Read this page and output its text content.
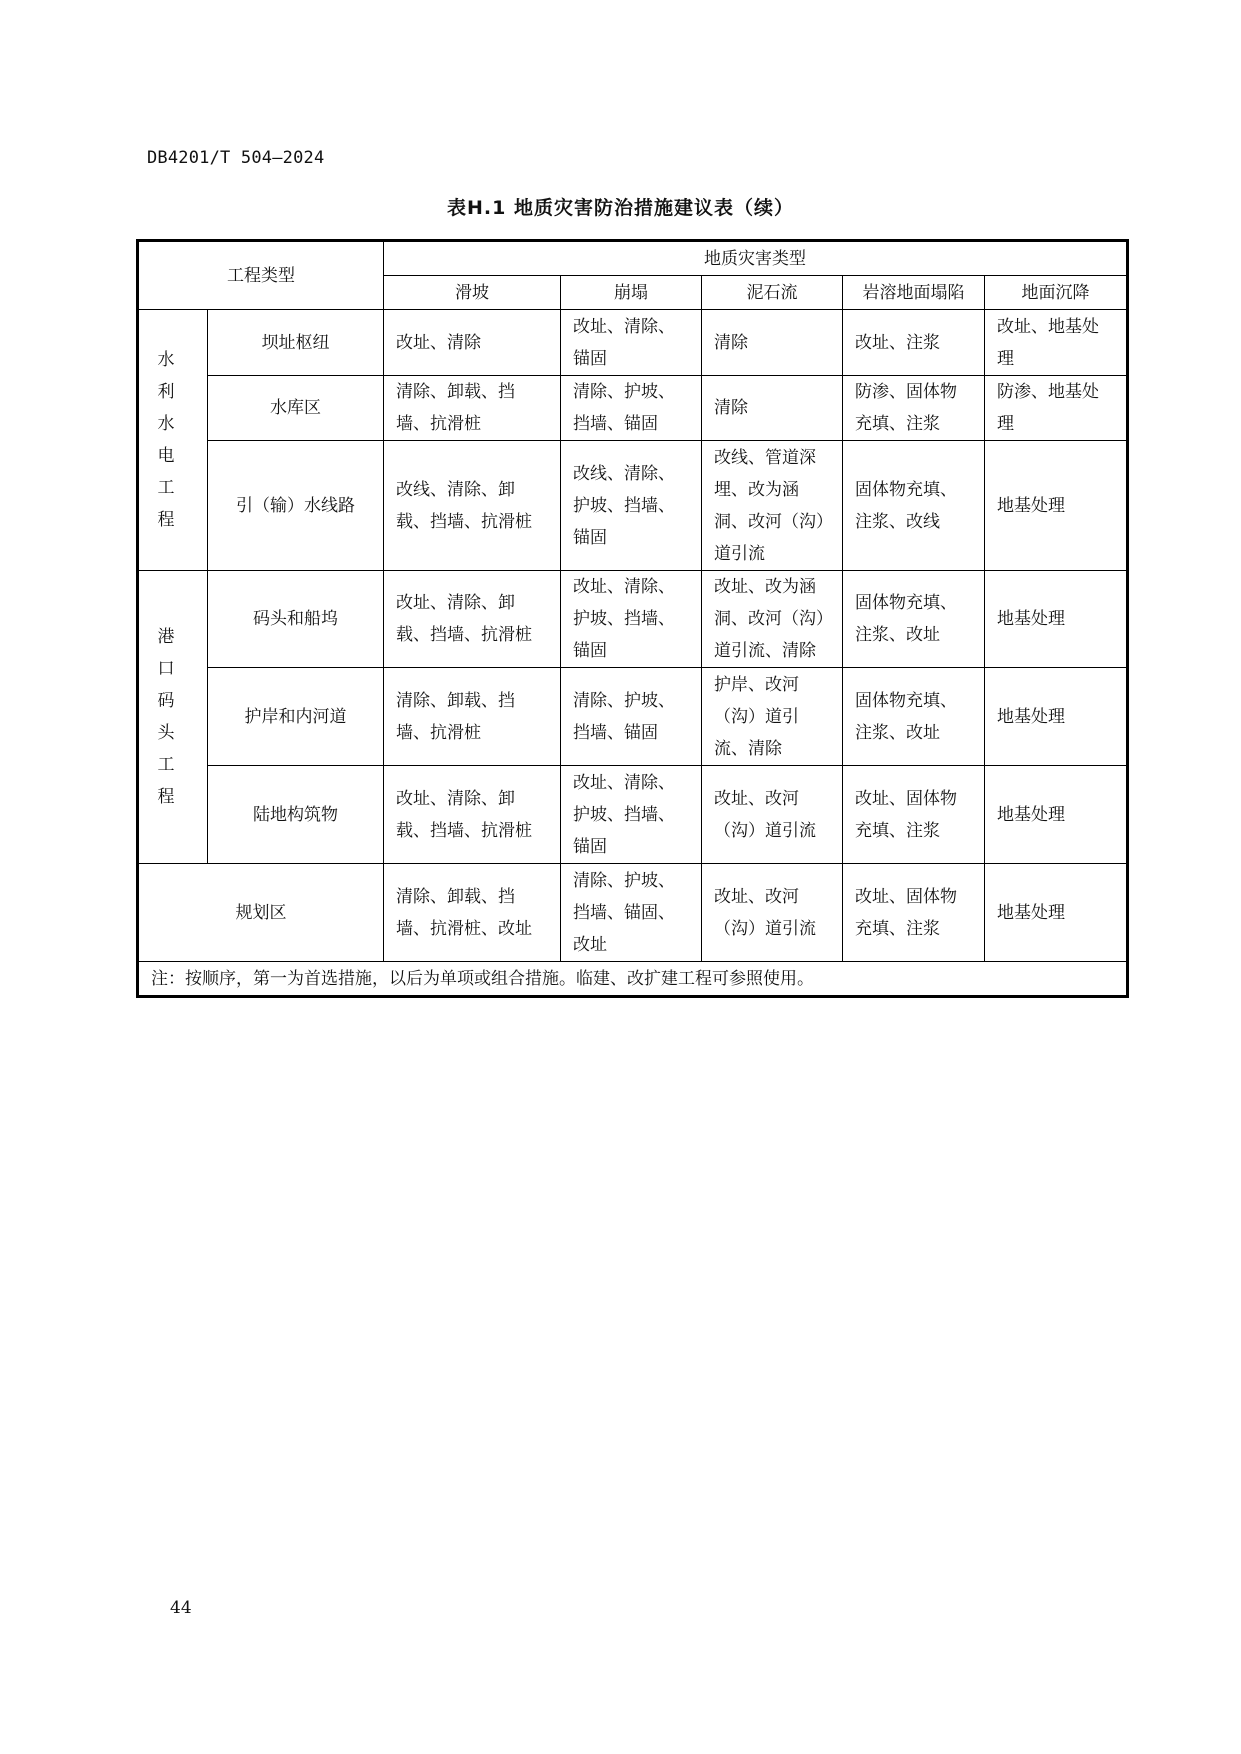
DB4201/T 504—2024
表H.1 地质灾害防治措施建议表（续）
工程类型		地质灾害类型				
		滑坡	崩塌	泥石流	岩溶地面塌陷	地面沉降
水利水电工程	坝址枢纽	改址、清除	改址、清除、锚固	清除	改址、注浆	改址、地基处理
	水库区	清除、卸载、挡墙、抗滑桩	清除、护坡、挡墙、锚固	清除	防渗、固体物充填、注浆	防渗、地基处理
	引（输）水线路	改线、清除、卸载、挡墙、抗滑桩	改线、清除、护坡、挡墙、锚固	改线、管道深埋、改为涵洞、改河（沟）道引流	固体物充填、注浆、改线	地基处理
港口码头工程	码头和船坞	改址、清除、卸载、挡墙、抗滑桩	改址、清除、护坡、挡墙、锚固	改址、改为涵洞、改河（沟）道引流、清除	固体物充填、注浆、改址	地基处理
	护岸和内河道	清除、卸载、挡墙、抗滑桩	清除、护坡、挡墙、锚固	护岸、改河（沟）道引流、清除	固体物充填、注浆、改址	地基处理
	陆地构筑物	改址、清除、卸载、挡墙、抗滑桩	改址、清除、护坡、挡墙、锚固	改址、改河（沟）道引流	改址、固体物充填、注浆	地基处理
规划区		清除、卸载、挡墙、抗滑桩、改址	清除、护坡、挡墙、锚固、改址	改址、改河（沟）道引流	改址、固体物充填、注浆	地基处理
注：按顺序，第一为首选措施，以后为单项或组合措施。临建、改扩建工程可参照使用。						
44
